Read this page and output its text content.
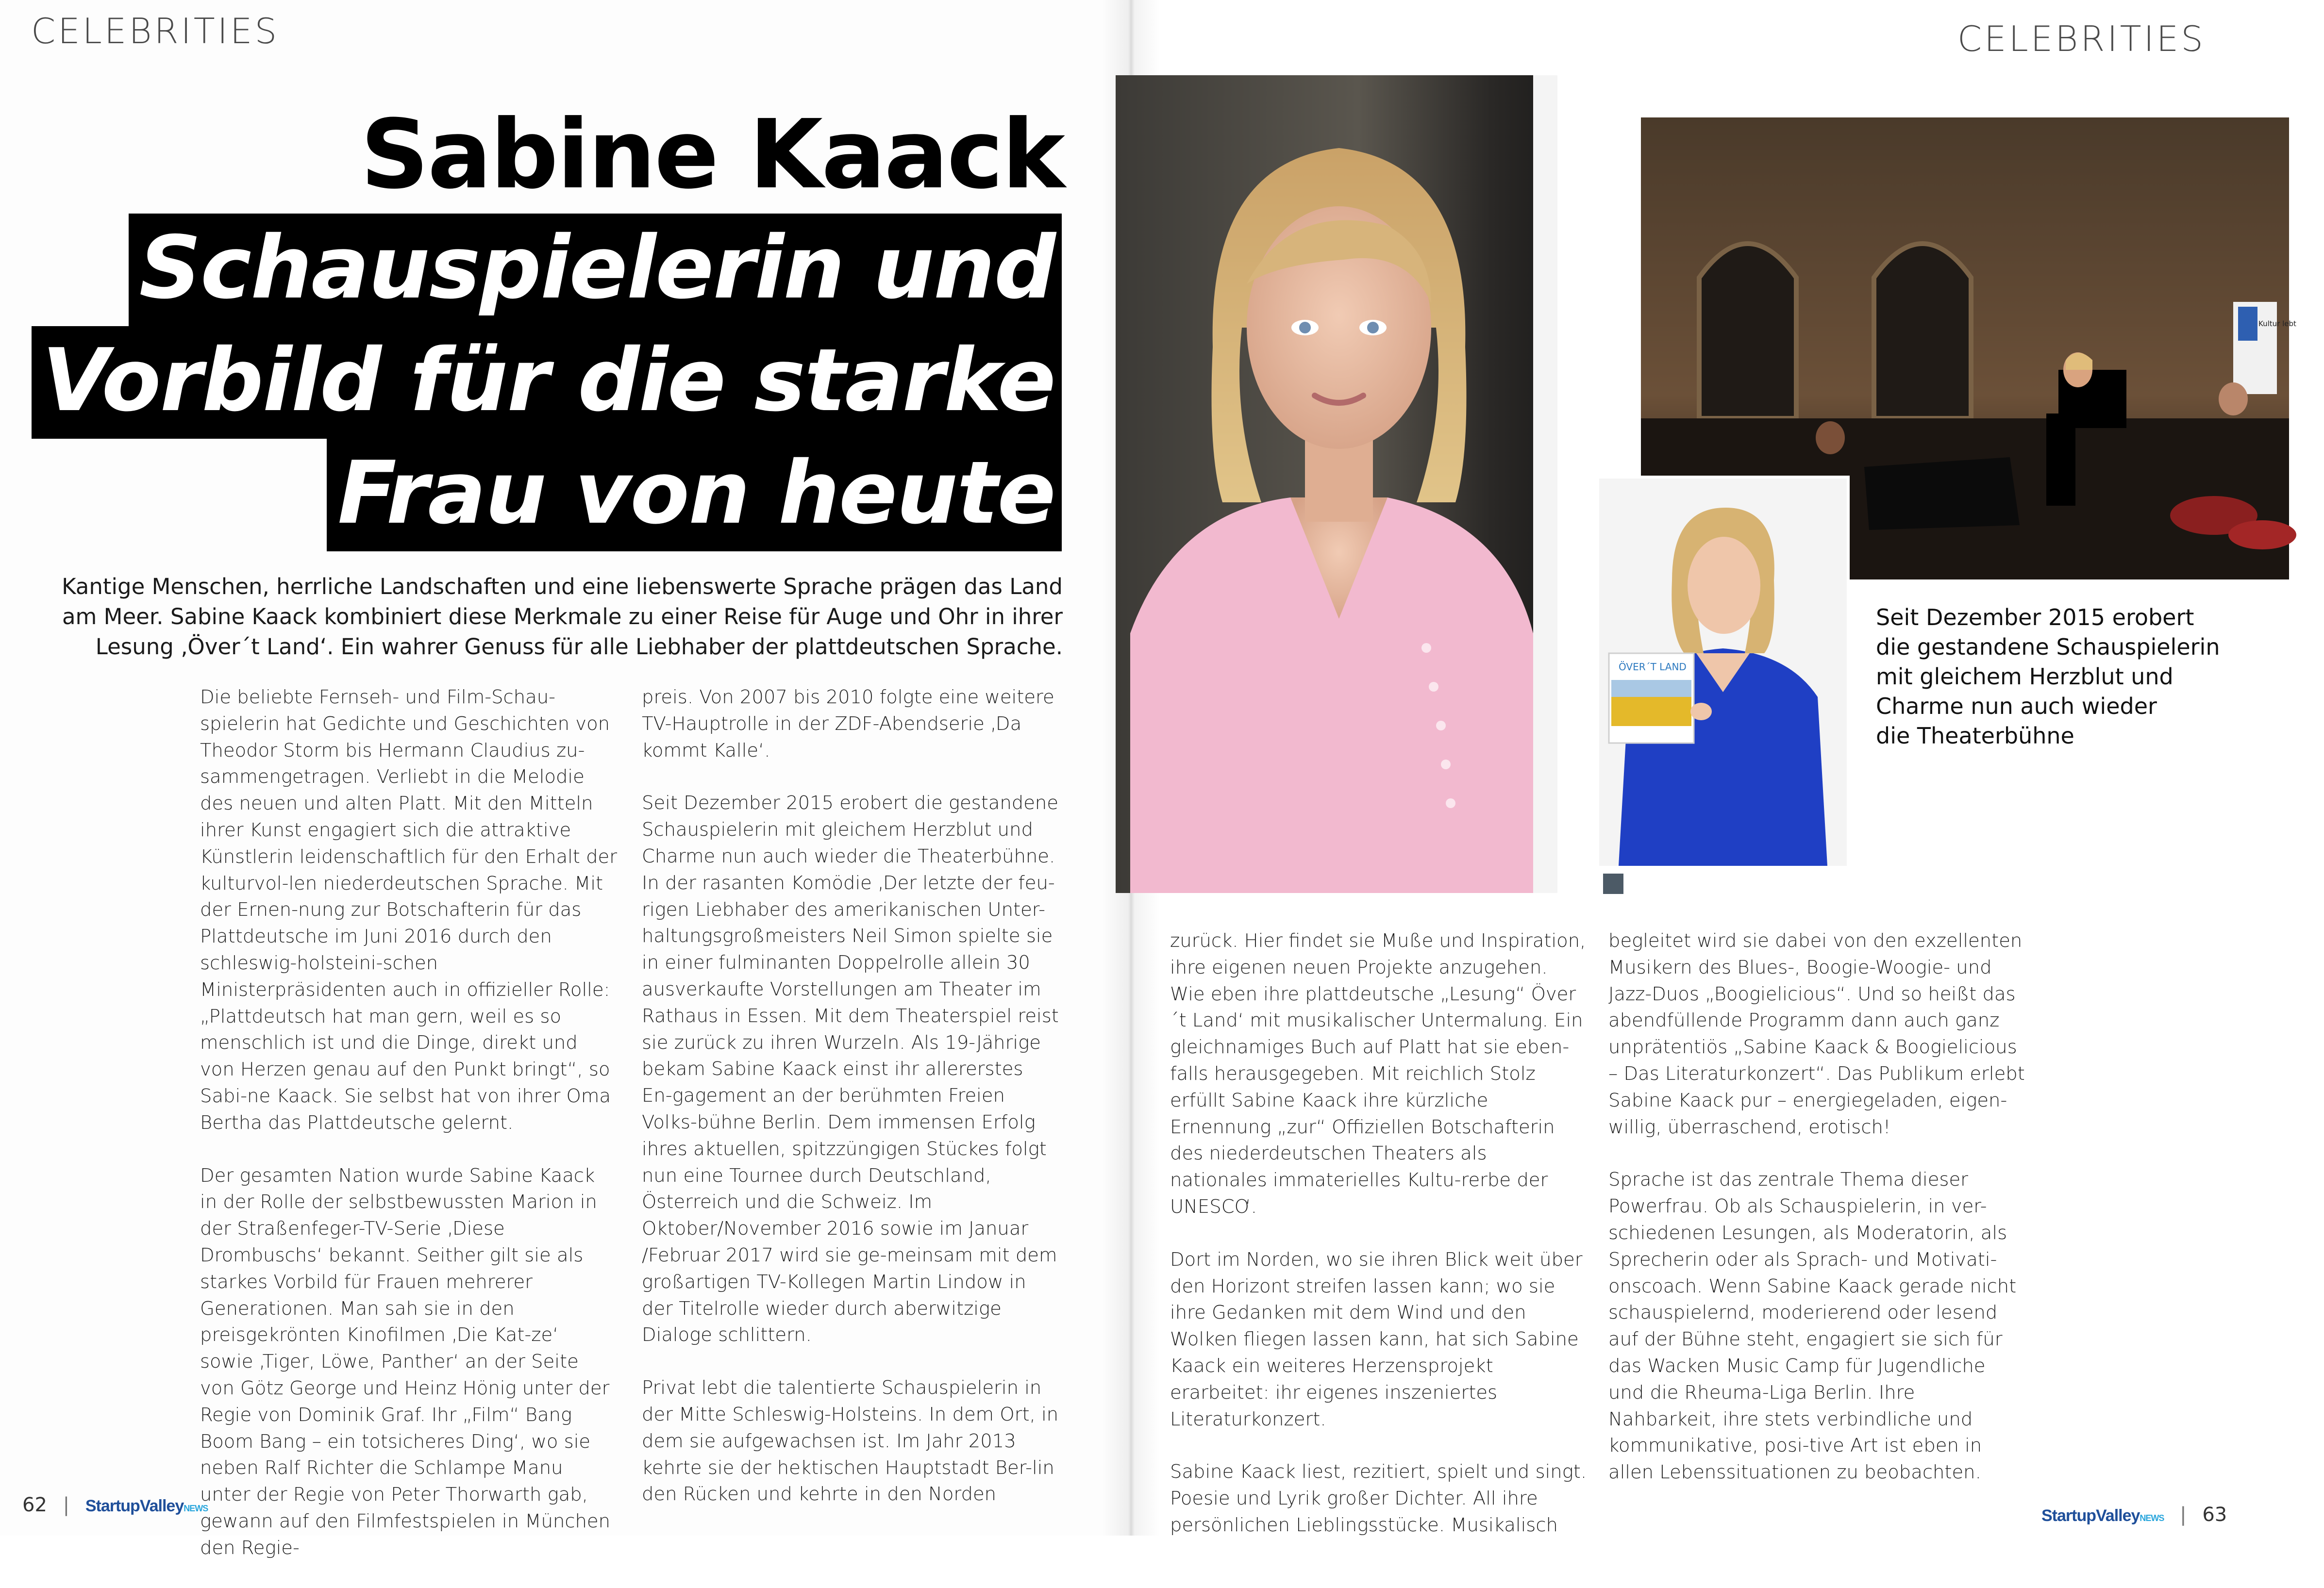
CELEBRITIES
Sabine Kaack
Schauspielerin und
Vorbild für die starke
Frau von heute

Kantige Menschen, herrliche Landschaften und eine liebenswerte Sprache prägen das Land

am Meer. Sabine Kaack kombiniert diese Merkmale zu einer Reise für Auge und Ohr in ihrer

Lesung ‚Över´t Land‘. Ein wahrer Genuss für alle Liebhaber der plattdeutschen Sprache.

Die beliebte Fernseh- und Film-Schau-spielerin hat Gedichte und Geschichten von Theodor Storm bis Hermann Claudius zu-sammengetragen. Verliebt in die Melodie des neuen und alten Platt. Mit den Mitteln ihrer Kunst engagiert sich die attraktive Künstlerin leidenschaftlich für den Erhalt der kulturvol-len niederdeutschen Sprache. Mit der Ernen-nung zur Botschafterin für das Plattdeutsche im Juni 2016 durch den schleswig-holsteini-schen Ministerpräsidenten auch in offizieller Rolle: „Plattdeutsch hat man gern, weil es so menschlich ist und die Dinge, direkt und von Herzen genau auf den Punkt bringt“, so Sabi-ne Kaack. Sie selbst hat von ihrer Oma Bertha das Plattdeutsche gelernt.

Der gesamten Nation wurde Sabine Kaack in der Rolle der selbstbewussten Marion in der Straßenfeger-TV-Serie ‚Diese Drombuschs‘ bekannt. Seither gilt sie als starkes Vorbild für Frauen mehrerer Generationen. Man sah sie in den preisgekrönten Kinofilmen ‚Die Kat-ze‘ sowie ‚Tiger, Löwe, Panther‘ an der Seite von Götz George und Heinz Hönig unter der Regie von Dominik Graf. Ihr „Film“ Bang Boom Bang – ein totsicheres Ding‘, wo sie neben Ralf Richter die Schlampe Manu unter der Regie von Peter Thorwarth gab, gewann auf den Filmfestspielen in München den Regie-

preis. Von 2007 bis 2010 folgte eine weitere TV-Hauptrolle in der ZDF-Abendserie ‚Da kommt Kalle‘.

Seit Dezember 2015 erobert die gestandene Schauspielerin mit gleichem Herzblut und Charme nun auch wieder die Theaterbühne. In der rasanten Komödie ‚Der letzte der feu-rigen Liebhaber des amerikanischen Unter-haltungsgroßmeisters Neil Simon spielte sie in einer fulminanten Doppelrolle allein 30 ausverkaufte Vorstellungen am Theater im Rathaus in Essen. Mit dem Theaterspiel reist sie zurück zu ihren Wurzeln. Als 19-Jährige bekam Sabine Kaack einst ihr allererstes En-gagement an der berühmten Freien Volks-bühne Berlin. Dem immensen Erfolg ihres aktuellen, spitzzüngigen Stückes folgt nun eine Tournee durch Deutschland, Österreich und die Schweiz. Im Oktober/November 2016 sowie im Januar /Februar 2017 wird sie ge-meinsam mit dem großartigen TV-Kollegen Martin Lindow in der Titelrolle wieder durch aberwitzige Dialoge schlittern.

Privat lebt die talentierte Schauspielerin in der Mitte Schleswig-Holsteins. In dem Ort, in dem sie aufgewachsen ist. Im Jahr 2013 kehrte sie der hektischen Hauptstadt Ber-lin den Rücken und kehrte in den Norden

62 | StartupValleyNEWS
CELEBRITIES
Kultur lebt
ÖVER´T LAND
Seit Dezember 2015 erobert
die gestandene Schauspielerin
mit gleichem Herzblut und
Charme nun auch wieder
die Theaterbühne

zurück. Hier findet sie Muße und Inspiration, ihre eigenen neuen Projekte anzugehen. Wie eben ihre plattdeutsche „Lesung“ Över´t Land‘ mit musikalischer Untermalung. Ein gleichnamiges Buch auf Platt hat sie eben-falls herausgegeben. Mit reichlich Stolz erfüllt Sabine Kaack ihre kürzliche Ernennung „zur“ Offiziellen Botschafterin des niederdeutschen Theaters als nationales immaterielles Kultu-rerbe der UNESCO‘.

Dort im Norden, wo sie ihren Blick weit über den Horizont streifen lassen kann; wo sie ihre Gedanken mit dem Wind und den Wolken fliegen lassen kann, hat sich Sabine Kaack ein weiteres Herzensprojekt erarbeitet: ihr eigenes inszeniertes Literaturkonzert.

Sabine Kaack liest, rezitiert, spielt und singt. Poesie und Lyrik großer Dichter. All ihre persönlichen Lieblingsstücke. Musikalisch

begleitet wird sie dabei von den exzellenten Musikern des Blues-, Boogie-Woogie- und Jazz-Duos „Boogielicious“. Und so heißt das abendfüllende Programm dann auch ganz unprätentiös „Sabine Kaack & Boogielicious – Das Literaturkonzert“. Das Publikum erlebt Sabine Kaack pur – energiegeladen, eigen-willig, überraschend, erotisch!

Sprache ist das zentrale Thema dieser Powerfrau. Ob als Schauspielerin, in ver-schiedenen Lesungen, als Moderatorin, als Sprecherin oder als Sprach- und Motivati-onscoach. Wenn Sabine Kaack gerade nicht schauspielernd, moderierend oder lesend auf der Bühne steht, engagiert sie sich für das Wacken Music Camp für Jugendliche und die Rheuma-Liga Berlin. Ihre Nahbarkeit, ihre stets verbindliche und kommunikative, posi-tive Art ist eben in allen Lebenssituationen zu beobachten.

StartupValleyNEWS | 63
